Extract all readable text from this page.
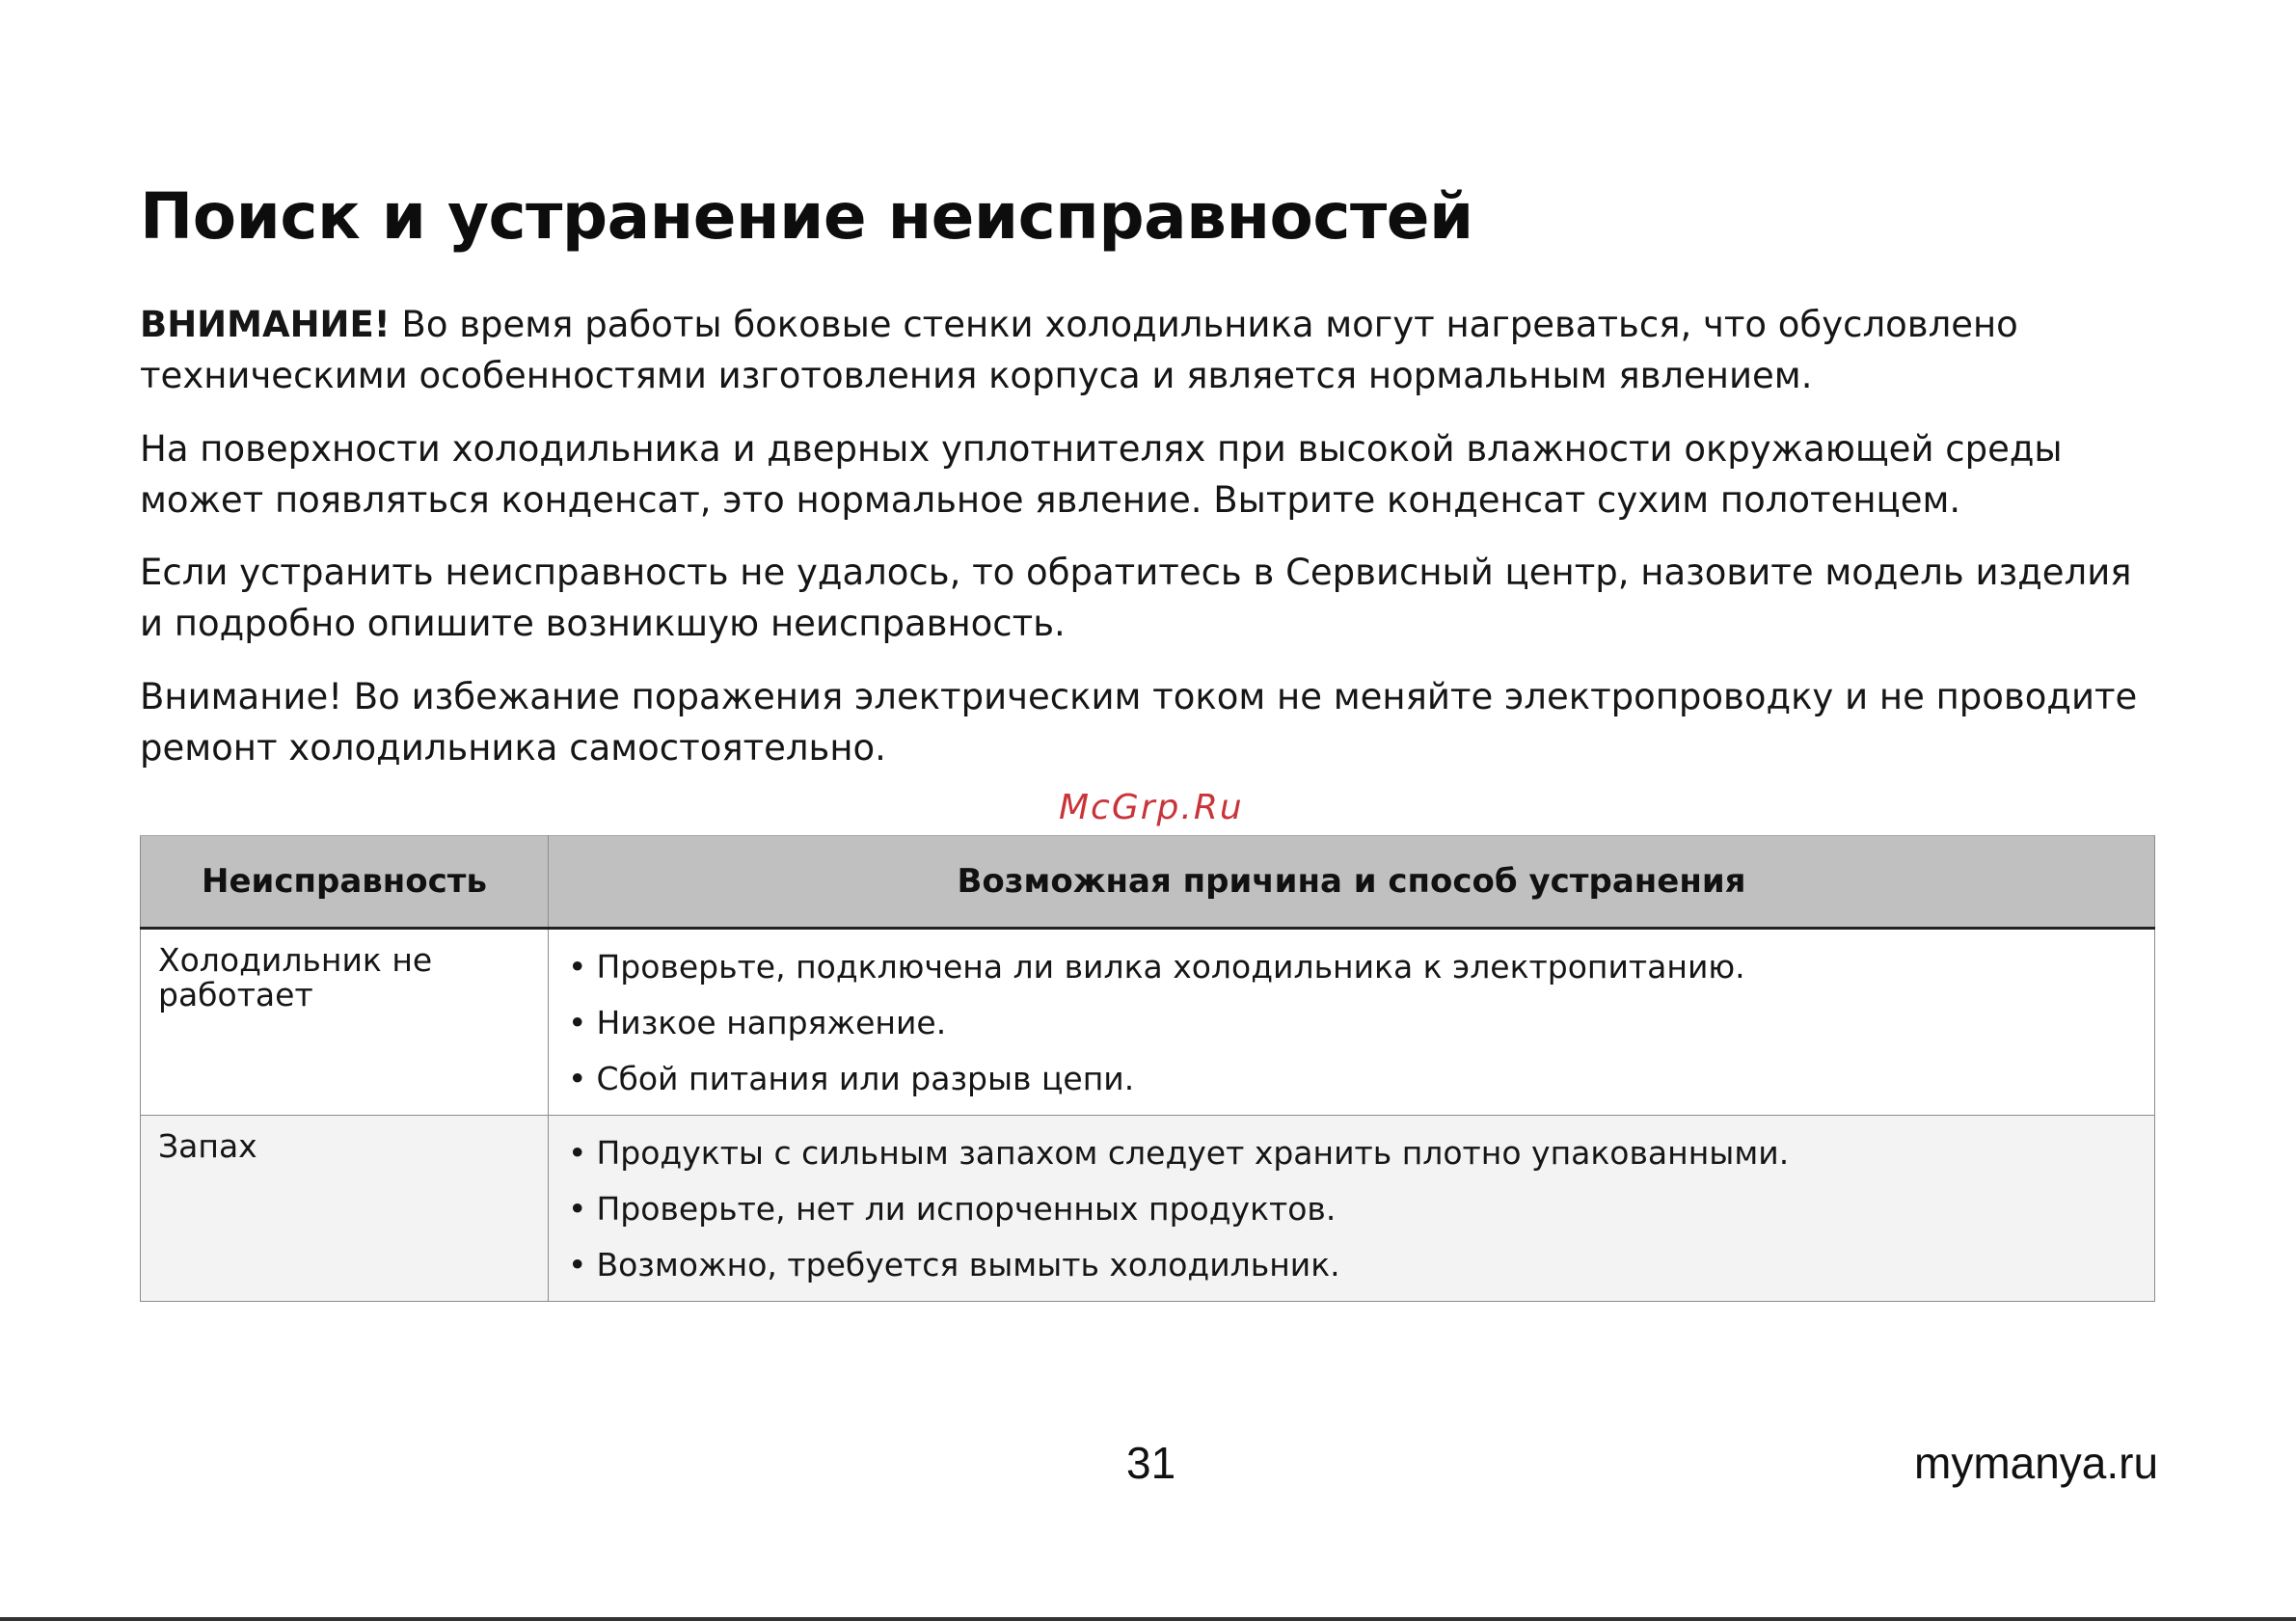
Поиск и устранение неисправностей

ВНИМАНИЕ! Во время работы боковые стенки холодильника могут нагреваться, что обусловлено техническими особенностями изготовления корпуса и является нормальным явлением.

На поверхности холодильника и дверных уплотнителях при высокой влажности окружающей среды может появляться конденсат, это нормальное явление. Вытрите конденсат сухим полотенцем.

Если устранить неисправность не удалось, то обратитесь в Сервисный центр, назовите модель изделия и подробно опишите возникшую неисправность.

Внимание! Во избежание поражения электрическим током не меняйте электропроводку и не проводите ремонт холодильника самостоятельно.

McGrp.Ru
Неисправность	Возможная причина и способ устранения
Холодильник не работает	• Проверьте, подключена ли вилка холодильника к электропитанию.
• Низкое напряжение.
• Сбой питания или разрыв цепи.

Запах	• Продукты с сильным запахом следует хранить плотно упакованными.
• Проверьте, нет ли испорченных продуктов.
• Возможно, требуется вымыть холодильник.
31	mymanya.ru
